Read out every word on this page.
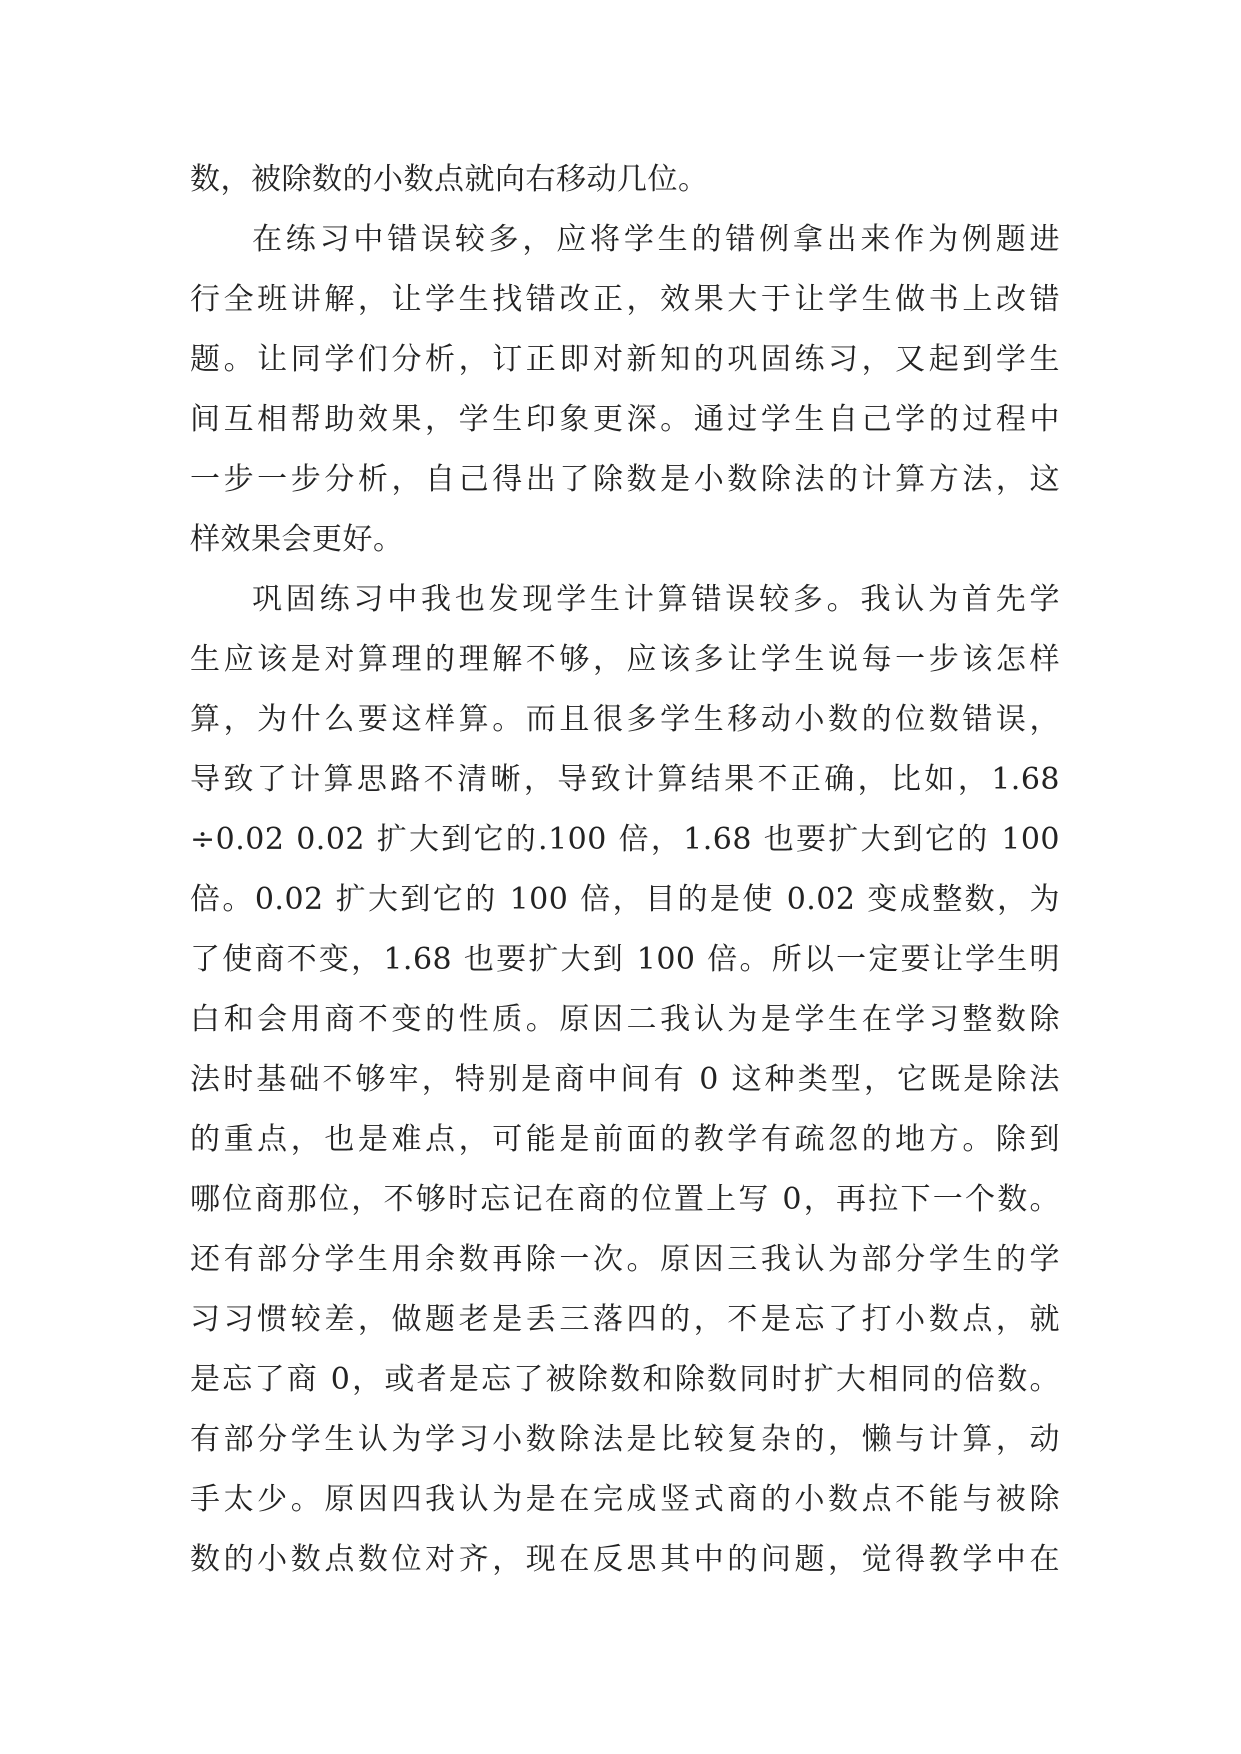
数，被除数的小数点就向右移动几位。
在练习中错误较多，应将学生的错例拿出来作为例题进
行全班讲解，让学生找错改正，效果大于让学生做书上改错
题。让同学们分析，订正即对新知的巩固练习，又起到学生
间互相帮助效果，学生印象更深。通过学生自己学的过程中
一步一步分析，自己得出了除数是小数除法的计算方法，这
样效果会更好。
巩固练习中我也发现学生计算错误较多。我认为首先学
生应该是对算理的理解不够，应该多让学生说每一步该怎样
算，为什么要这样算。而且很多学生移动小数的位数错误，
导致了计算思路不清晰，导致计算结果不正确，比如，1.68
÷0.02 0.02 扩大到它的.100 倍，1.68 也要扩大到它的 100
倍。0.02 扩大到它的 100 倍，目的是使 0.02 变成整数，为
了使商不变，1.68 也要扩大到 100 倍。所以一定要让学生明
白和会用商不变的性质。原因二我认为是学生在学习整数除
法时基础不够牢，特别是商中间有 0 这种类型，它既是除法
的重点，也是难点，可能是前面的教学有疏忽的地方。除到
哪位商那位，不够时忘记在商的位置上写 0，再拉下一个数。
还有部分学生用余数再除一次。原因三我认为部分学生的学
习习惯较差，做题老是丢三落四的，不是忘了打小数点，就
是忘了商 0，或者是忘了被除数和除数同时扩大相同的倍数。
有部分学生认为学习小数除法是比较复杂的，懒与计算，动
手太少。原因四我认为是在完成竖式商的小数点不能与被除
数的小数点数位对齐，现在反思其中的问题，觉得教学中在
